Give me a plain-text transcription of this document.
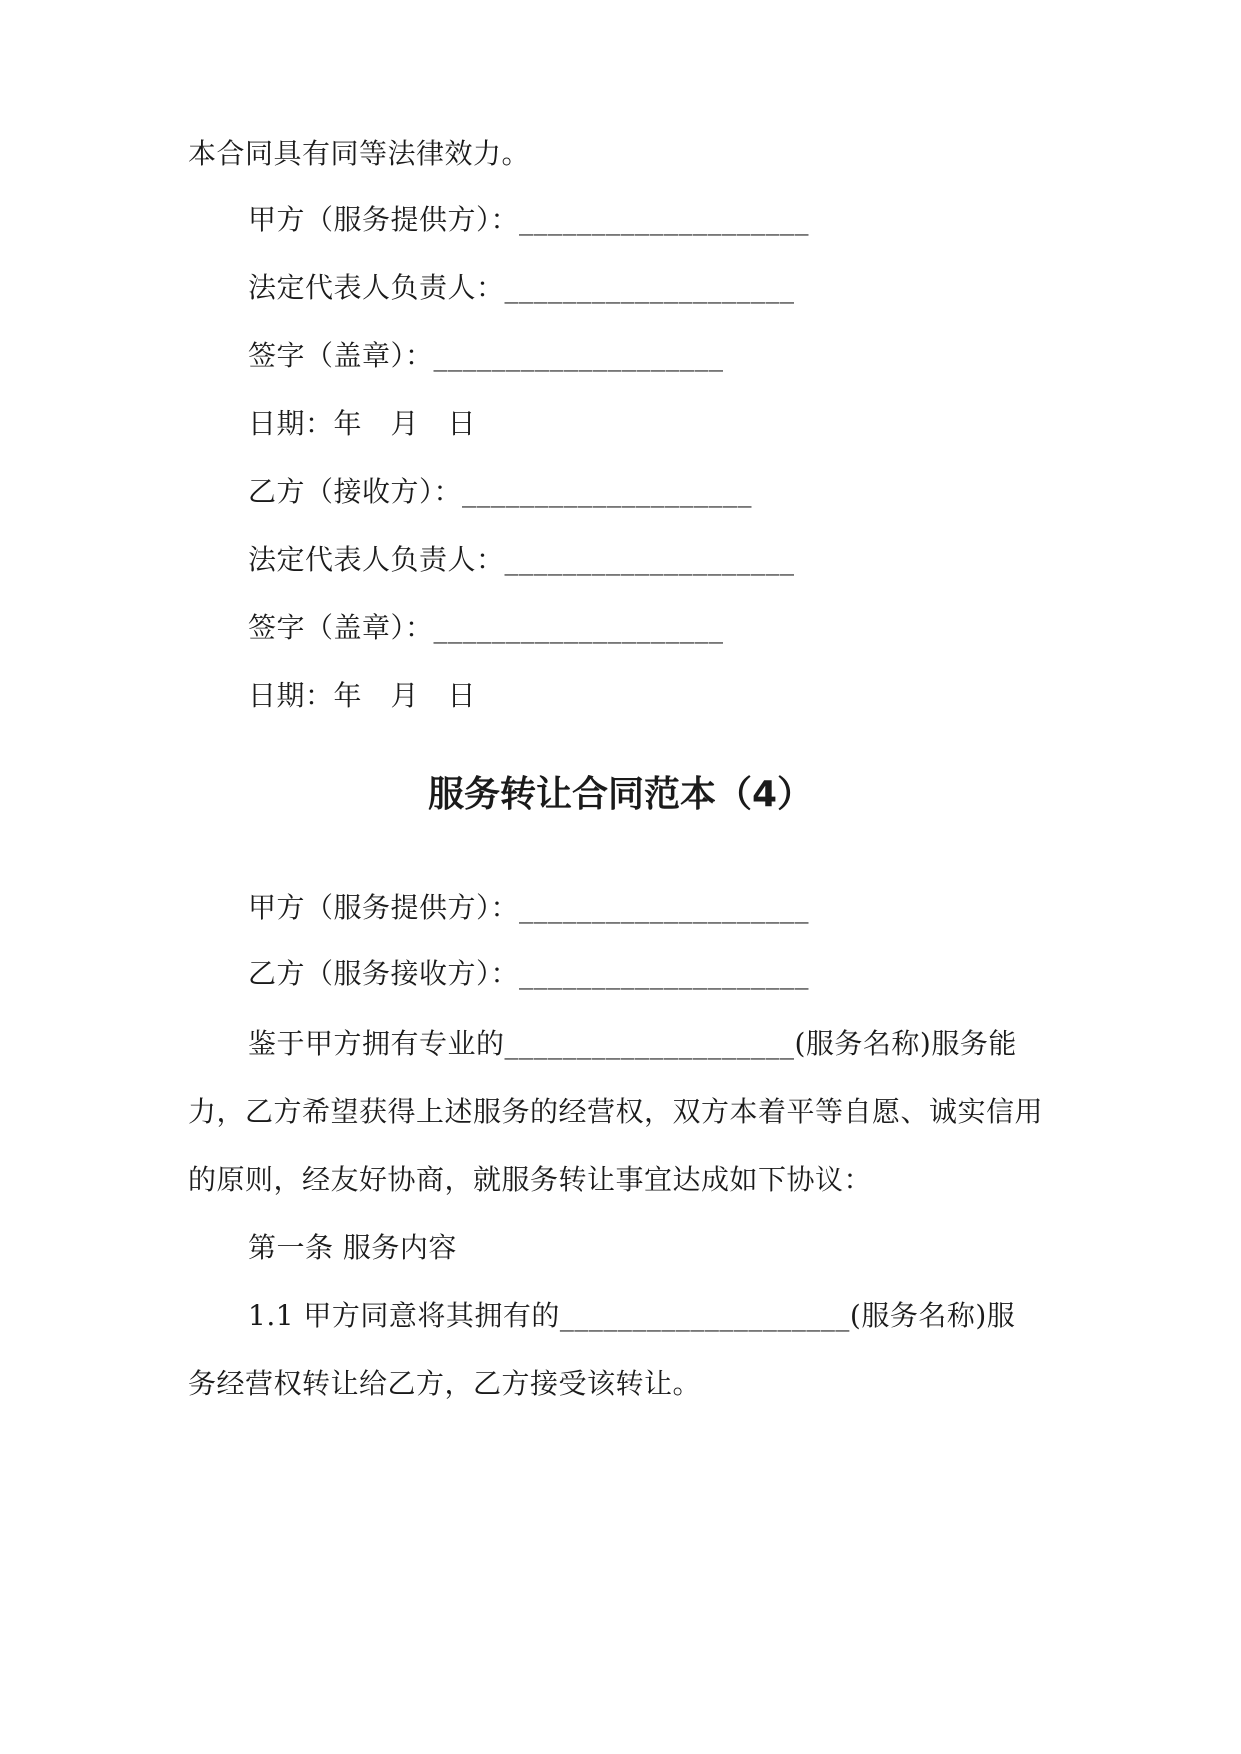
本合同具有同等法律效力。
甲方（服务提供方）：____________________
法定代表人负责人：____________________
签字（盖章）：____________________
日期：年　月　日
乙方（接收方）：____________________
法定代表人负责人：____________________
签字（盖章）：____________________
日期：年　月　日
服务转让合同范本（4）
甲方（服务提供方）：____________________
乙方（服务接收方）：____________________
鉴于甲方拥有专业的____________________(服务名称)服务能
力，乙方希望获得上述服务的经营权，双方本着平等自愿、诚实信用
的原则，经友好协商，就服务转让事宜达成如下协议：
第一条 服务内容
1.1 甲方同意将其拥有的____________________(服务名称)服
务经营权转让给乙方，乙方接受该转让。
